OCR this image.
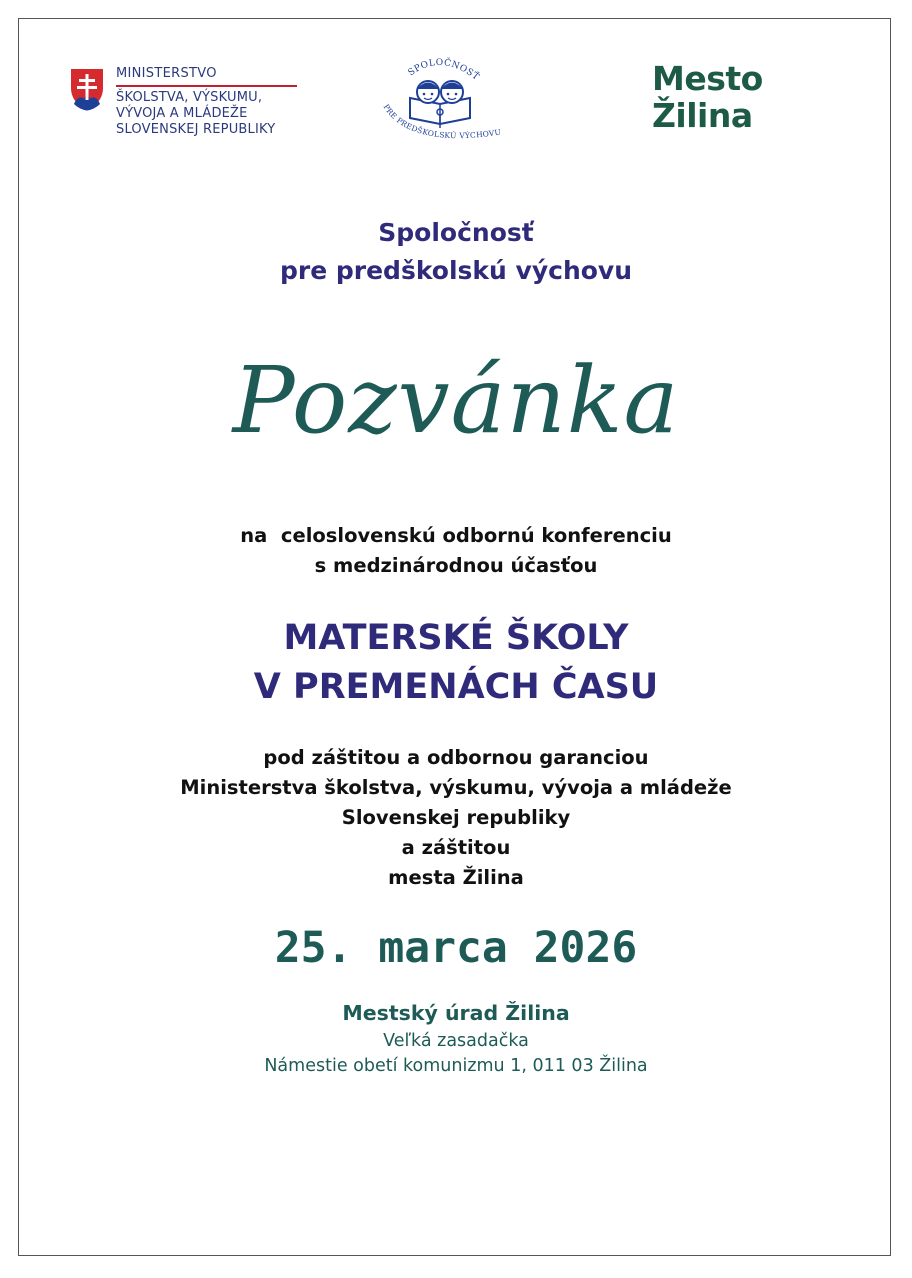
MINISTERSTVO
ŠKOLSTVA, VÝSKUMU,
VÝVOJA A MLÁDEŽE
SLOVENSKEJ REPUBLIKY
SPOLOČNOSŤ
PRE PREDŠKOLSKÚ VÝCHOVU
Mesto
Žilina
Spoločnosť
pre predškolskú výchovu
Pozvánka
na  celoslovenskú odbornú konferenciu
s medzinárodnou účasťou
MATERSKÉ ŠKOLY
V PREMENÁCH ČASU
pod záštitou a odbornou garanciou
Ministerstva školstva, výskumu, vývoja a mládeže
Slovenskej republiky
a záštitou
mesta Žilina
25. marca 2026
Mestský úrad Žilina
Veľká zasadačka
Námestie obetí komunizmu 1, 011 03 Žilina
